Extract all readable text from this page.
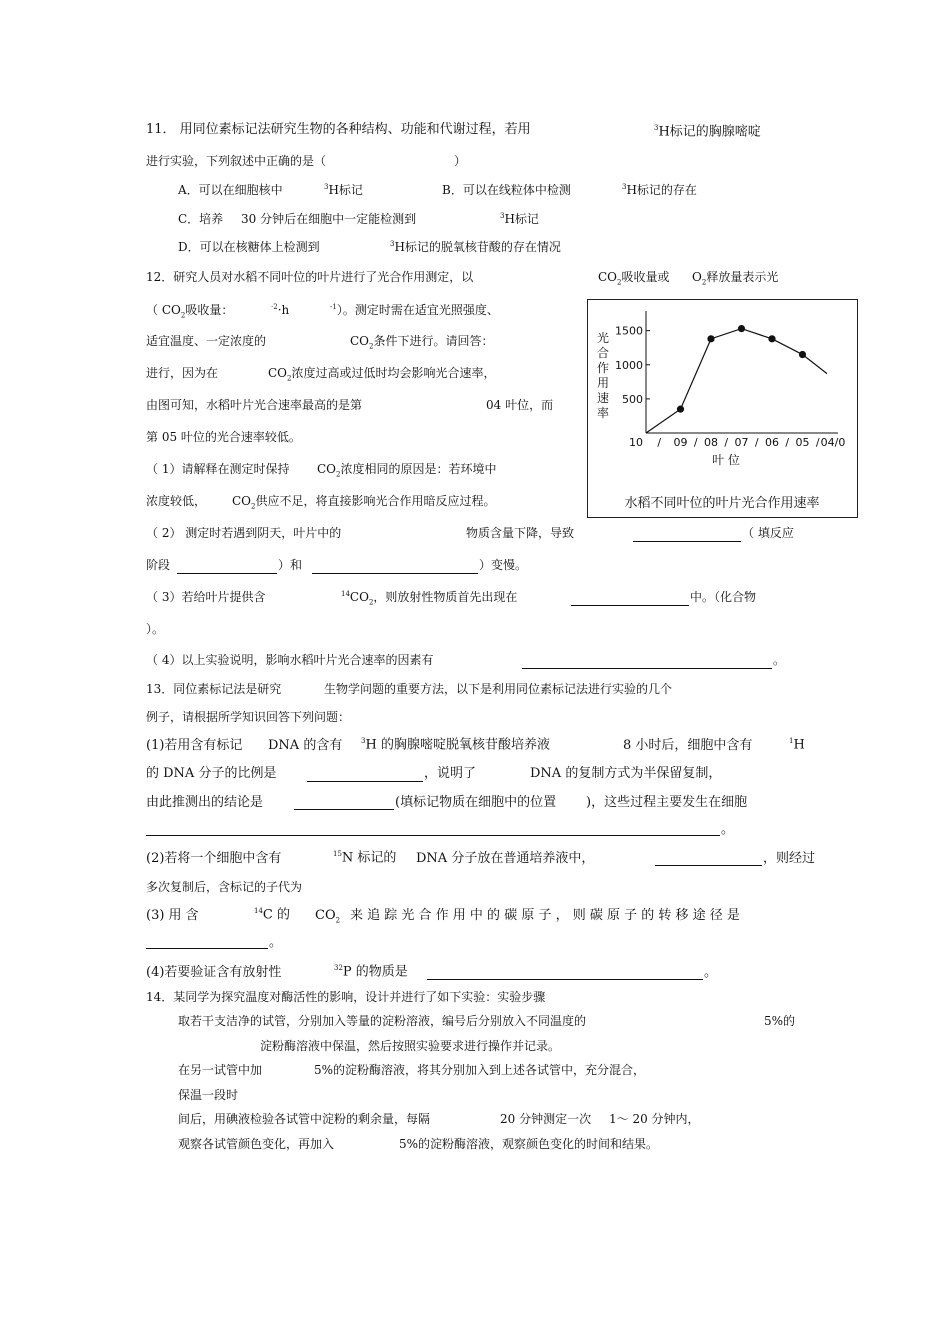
11． 用同位素标记法研究生物的各种结构、功能和代谢过程，若用	$^3$H标记的胸腺嘧啶
进行实验，下列叙述中正确的是（	）
A．可以在细胞核中	$^3$H标记	B．可以在线粒体中检测	$^3$H标记的存在
C．培养 30 分钟后在细胞中一定能检测到	$^3$H标记
D．可以在核糖体上检测到	$^3$H标记的脱氧核苷酸的存在情况
12．研究人员对水稻不同叶位的叶片进行了光合作用测定，以	$CO_2$吸收量或 $O_2$释放量表示光
（ $CO_2$吸收量：	$^{\cdot 2}$·h	$^{-1}$）。测定时需在适宜光照强度、
适宜温度、一定浓度的	$CO_2$条件下进行。请回答：
进行，因为在	$CO_2$浓度过高或过低时均会影响光合速率，
由图可知，水稻叶片光合速率最高的是第	04 叶位，而
第 05 叶位的光合速率较低。
（ 1）请解释在测定时保持 $CO_2$浓度相同的原因是：若环境中
浓度较低， $CO_2$供应不足，将直接影响光合作用暗反应过程。
（ 2） 测定时若遇到阴天，叶片中的	物质含量下降，导致	（ 填反应
阶段	）和	）变慢。
（ 3）若给叶片提供含	$^{14}CO_2$，则放射性物质首先出现在	中。（化合物
）。
（ 4）以上实验说明，影响水稻叶片光合速率的因素有	。
光
合
作
用
速
率
500
1000
1500
10 / 09 / 08 / 07 / 06 / 05 / 04/0
叶 位
水稻不同叶位的叶片光合作用速率
13．同位素标记法是研究	生物学问题的重要方法，以下是利用同位素标记法进行实验的几个
例子，请根据所学知识回答下列问题：
(1)若用含有标记 DNA 的含有	$^3$H 的胸腺嘧啶脱氧核苷酸培养液	8 小时后，细胞中含有	$^1$H
的 DNA 分子的比例是	，说明了	DNA 的复制方式为半保留复制，
由此推测出的结论是	(填标记物质在细胞中的位置 )，这些过程主要发生在细胞
。
(2)若将一个细胞中含有	$^{15}$N 标记的 DNA 分子放在普通培养液中，	，则经过
多次复制后，含标记的子代为
(3) 用 含	$^{14}$C 的 $CO_2$ 来 追 踪 光 合 作 用 中 的 碳 原 子 ， 则 碳 原 子 的 转 移 途 径 是
。
(4)若要验证含有放射性	$^{32}$P 的物质是	。
14．某同学为探究温度对酶活性的影响，设计并进行了如下实验：实验步骤
取若干支洁净的试管，分别加入等量的淀粉溶液，编号后分别放入不同温度的	5%的
淀粉酶溶液中保温，然后按照实验要求进行操作并记录。
在另一试管中加	5%的淀粉酶溶液，将其分别加入到上述各试管中，充分混合，
保温一段时
间后，用碘液检验各试管中淀粉的剩余量，每隔	20 分钟测定一次 1～ 20 分钟内，
观察各试管颜色变化，再加入	5%的淀粉酶溶液，观察颜色变化的时间和结果。
